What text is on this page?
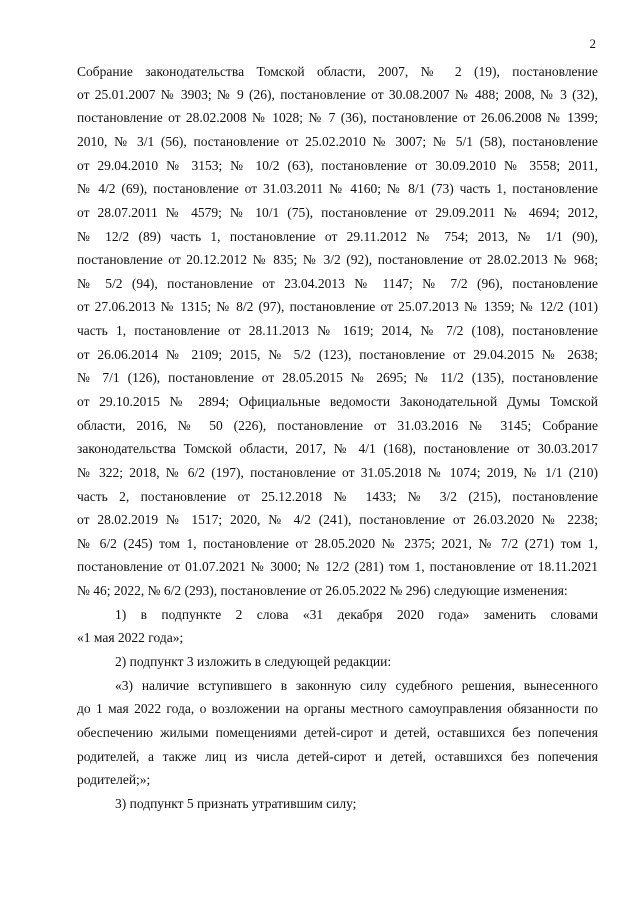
2
Собрание законодательства Томской области, 2007, № 2 (19), постановление
от 25.01.2007 № 3903; № 9 (26), постановление от 30.08.2007 № 488; 2008, № 3 (32),
постановление от 28.02.2008 № 1028; № 7 (36), постановление от 26.06.2008 № 1399;
2010, № 3/1 (56), постановление от 25.02.2010 № 3007; № 5/1 (58), постановление
от 29.04.2010 № 3153; № 10/2 (63), постановление от 30.09.2010 № 3558; 2011,
№ 4/2 (69), постановление от 31.03.2011 № 4160; № 8/1 (73) часть 1, постановление
от 28.07.2011 № 4579; № 10/1 (75), постановление от 29.09.2011 № 4694; 2012,
№ 12/2 (89) часть 1, постановление от 29.11.2012 № 754; 2013, № 1/1 (90),
постановление от 20.12.2012 № 835; № 3/2 (92), постановление от 28.02.2013 № 968;
№ 5/2 (94), постановление от 23.04.2013 № 1147; № 7/2 (96), постановление
от 27.06.2013 № 1315; № 8/2 (97), постановление от 25.07.2013 № 1359; № 12/2 (101)
часть 1, постановление от 28.11.2013 № 1619; 2014, № 7/2 (108), постановление
от 26.06.2014 № 2109; 2015, № 5/2 (123), постановление от 29.04.2015 № 2638;
№ 7/1 (126), постановление от 28.05.2015 № 2695; № 11/2 (135), постановление
от 29.10.2015 № 2894; Официальные ведомости Законодательной Думы Томской
области, 2016, № 50 (226), постановление от 31.03.2016 № 3145; Собрание
законодательства Томской области, 2017, № 4/1 (168), постановление от 30.03.2017
№ 322; 2018, № 6/2 (197), постановление от 31.05.2018 № 1074; 2019, № 1/1 (210)
часть 2, постановление от 25.12.2018 № 1433; № 3/2 (215), постановление
от 28.02.2019 № 1517; 2020, № 4/2 (241), постановление от 26.03.2020 № 2238;
№ 6/2 (245) том 1, постановление от 28.05.2020 № 2375; 2021, № 7/2 (271) том 1,
постановление от 01.07.2021 № 3000; № 12/2 (281) том 1, постановление от 18.11.2021
№ 46; 2022, № 6/2 (293), постановление от 26.05.2022 № 296) следующие изменения:
1) в подпункте 2 слова «31 декабря 2020 года» заменить словами
«1 мая 2022 года»;
2) подпункт 3 изложить в следующей редакции:
«3) наличие вступившего в законную силу судебного решения, вынесенного
до 1 мая 2022 года, о возложении на органы местного самоуправления обязанности по
обеспечению жилыми помещениями детей-сирот и детей, оставшихся без попечения
родителей, а также лиц из числа детей-сирот и детей, оставшихся без попечения
родителей;»;
3) подпункт 5 признать утратившим силу;
